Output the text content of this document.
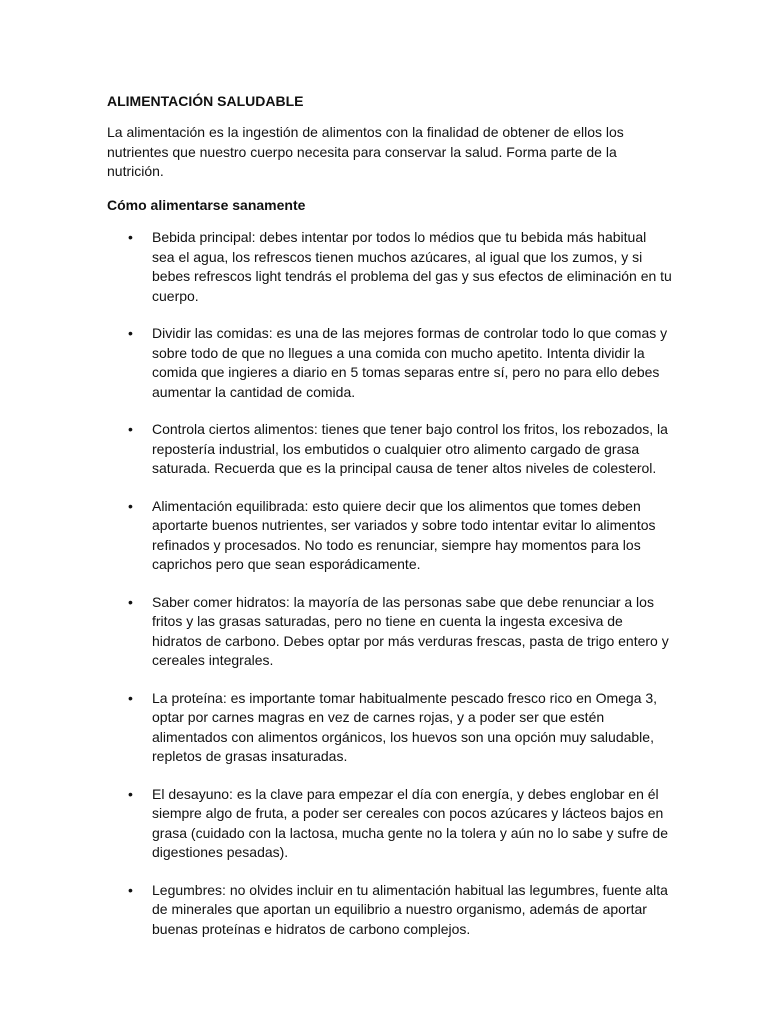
ALIMENTACIÓN SALUDABLE
La alimentación es la ingestión de alimentos con la finalidad de obtener de ellos los nutrientes que nuestro cuerpo necesita para conservar la salud. Forma parte de la nutrición.
Cómo alimentarse sanamente
• Bebida principal: debes intentar por todos lo médios que tu bebida más habitual sea el agua, los refrescos tienen muchos azúcares, al igual que los zumos, y si bebes refrescos light tendrás el problema del gas y sus efectos de eliminación en tu cuerpo.
• Dividir las comidas: es una de las mejores formas de controlar todo lo que comas y sobre todo de que no llegues a una comida con mucho apetito. Intenta dividir la comida que ingieres a diario en 5 tomas separas entre sí, pero no para ello debes aumentar la cantidad de comida.
• Controla ciertos alimentos: tienes que tener bajo control los fritos, los rebozados, la repostería industrial, los embutidos o cualquier otro alimento cargado de grasa saturada. Recuerda que es la principal causa de tener altos niveles de colesterol.
• Alimentación equilibrada: esto quiere decir que los alimentos que tomes deben aportarte buenos nutrientes, ser variados y sobre todo intentar evitar lo alimentos refinados y procesados. No todo es renunciar, siempre hay momentos para los caprichos pero que sean esporádicamente.
• Saber comer hidratos: la mayoría de las personas sabe que debe renunciar a los fritos y las grasas saturadas, pero no tiene en cuenta la ingesta excesiva de hidratos de carbono. Debes optar por más verduras frescas, pasta de trigo entero y cereales integrales.
• La proteína: es importante tomar habitualmente pescado fresco rico en Omega 3, optar por carnes magras en vez de carnes rojas, y a poder ser que estén alimentados con alimentos orgánicos, los huevos son una opción muy saludable, repletos de grasas insaturadas.
• El desayuno: es la clave para empezar el día con energía, y debes englobar en él siempre algo de fruta, a poder ser cereales con pocos azúcares y lácteos bajos en grasa (cuidado con la lactosa, mucha gente no la tolera y aún no lo sabe y sufre de digestiones pesadas).
• Legumbres: no olvides incluir en tu alimentación habitual las legumbres, fuente alta de minerales que aportan un equilibrio a nuestro organismo, además de aportar buenas proteínas e hidratos de carbono complejos.
